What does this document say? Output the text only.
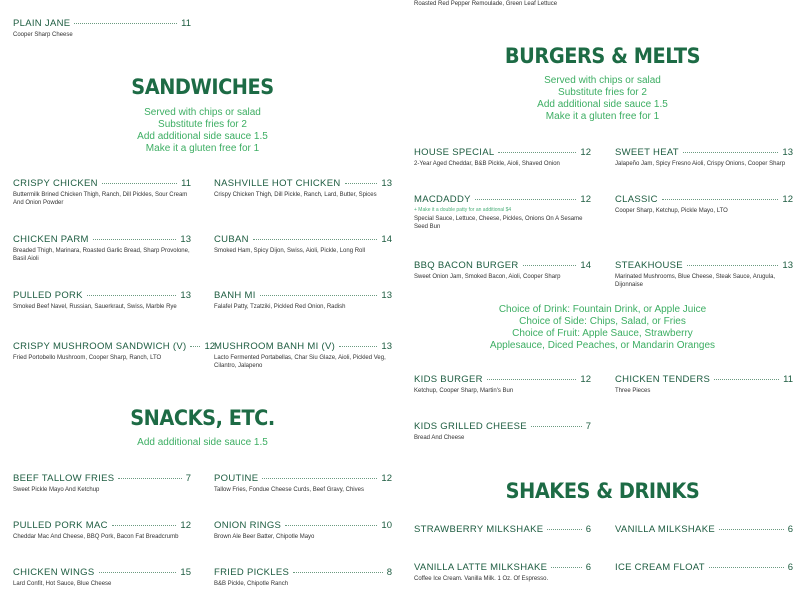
Roasted Red Pepper Remoulade, Green Leaf Lettuce
PLAIN JANE	11
Cooper Sharp Cheese
SANDWICHES
Served with chips or salad
Substitute fries for 2
Add additional side sauce 1.5
Make it a gluten free for 1
CRISPY CHICKEN	11
Buttermilk Brined Chicken Thigh, Ranch, Dill Pickles, Sour Cream And Onion Powder
NASHVILLE HOT CHICKEN	13
Crispy Chicken Thigh, Dill Pickle, Ranch, Lard, Butter, Spices
CHICKEN PARM	13
Breaded Thigh, Marinara, Roasted Garlic Bread, Sharp Provolone, Basil Aioli
CUBAN	14
Smoked Ham, Spicy Dijon, Swiss, Aioli, Pickle, Long Roll
PULLED PORK	13
Smoked Beef Navel, Russian, Sauerkraut, Swiss, Marble Rye
BANH MI	13
Falafel Patty, Tzatziki, Pickled Red Onion, Radish
CRISPY MUSHROOM SANDWICH (V) 12
Fried Portobello Mushroom, Cooper Sharp, Ranch, LTO
MUSHROOM BANH MI (V)	13
Lacto Fermented Portabellas, Char Siu Glaze, Aioli, Pickled Veg, Cilantro, Jalapeno
SNACKS, ETC.
Add additional side sauce 1.5
BEEF TALLOW FRIES	7
Sweet Pickle Mayo And Ketchup
POUTINE	12
Tallow Fries, Fondue Cheese Curds, Beef Gravy, Chives
PULLED PORK MAC	12
Cheddar Mac And Cheese, BBQ Pork, Bacon Fat Breadcrumb
ONION RINGS	10
Brown Ale Beer Batter, Chipotle Mayo
CHICKEN WINGS	15
Lard Confit, Hot Sauce, Blue Cheese
FRIED PICKLES	8
B&B Pickle, Chipotle Ranch
BURGERS & MELTS
Served with chips or salad
Substitute fries for 2
Add additional side sauce 1.5
Make it a gluten free for 1
HOUSE SPECIAL	12
2-Year Aged Cheddar, B&B Pickle, Aioli, Shaved Onion
SWEET HEAT	13
Jalapeño Jam, Spicy Fresno Aioli, Crispy Onions, Cooper Sharp
MACDADDY	12
+ Make it a double patty for an additional $4
Special Sauce, Lettuce, Cheese, Pickles, Onions On A Sesame Seed Bun
CLASSIC	12
Cooper Sharp, Ketchup, Pickle Mayo, LTO
BBQ BACON BURGER	14
Sweet Onion Jam, Smoked Bacon, Aioli, Cooper Sharp
STEAKHOUSE	13
Marinated Mushrooms, Blue Cheese, Steak Sauce, Arugula, Dijonnaise
Choice of Drink: Fountain Drink, or Apple Juice
Choice of Side: Chips, Salad, or Fries
Choice of Fruit: Apple Sauce, Strawberry
Applesauce, Diced Peaches, or Mandarin Oranges
KIDS BURGER	12
Ketchup, Cooper Sharp, Martin's Bun
CHICKEN TENDERS	11
Three Pieces
KIDS GRILLED CHEESE	7
Bread And Cheese
SHAKES & DRINKS
STRAWBERRY MILKSHAKE	6	VANILLA MILKSHAKE	6
VANILLA LATTE MILKSHAKE	6
Coffee Ice Cream. Vanilla Milk. 1 Oz. Of Espresso.
ICE CREAM FLOAT	6
